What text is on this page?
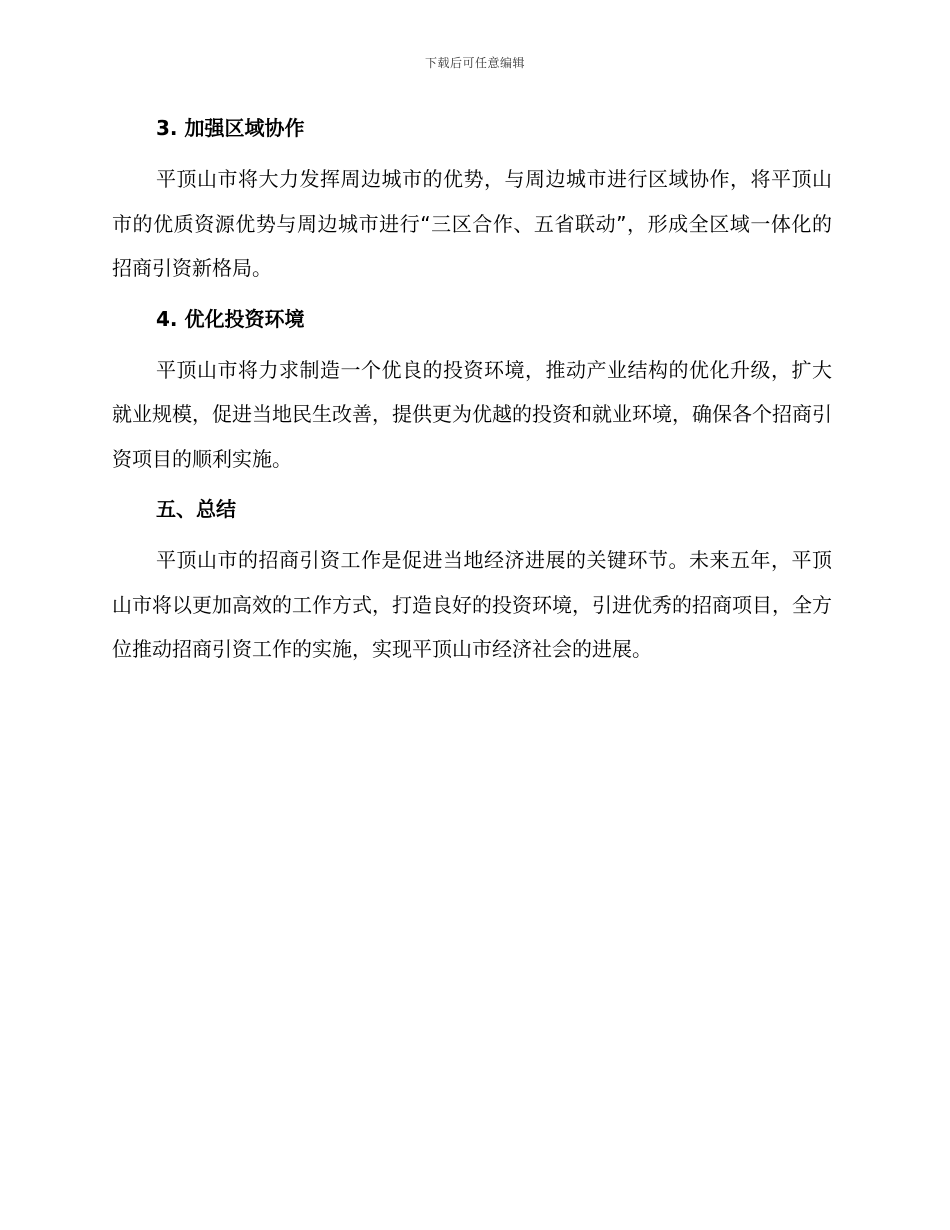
下载后可任意编辑
3. 加强区域协作

平顶山市将大力发挥周边城市的优势，与周边城市进行区域协作，将平顶山市的优质资源优势与周边城市进行“三区合作、五省联动”，形成全区域一体化的招商引资新格局。

4. 优化投资环境

平顶山市将力求制造一个优良的投资环境，推动产业结构的优化升级，扩大就业规模，促进当地民生改善，提供更为优越的投资和就业环境，确保各个招商引资项目的顺利实施。

五、总结

平顶山市的招商引资工作是促进当地经济进展的关键环节。未来五年，平顶山市将以更加高效的工作方式，打造良好的投资环境，引进优秀的招商项目，全方位推动招商引资工作的实施，实现平顶山市经济社会的进展。
